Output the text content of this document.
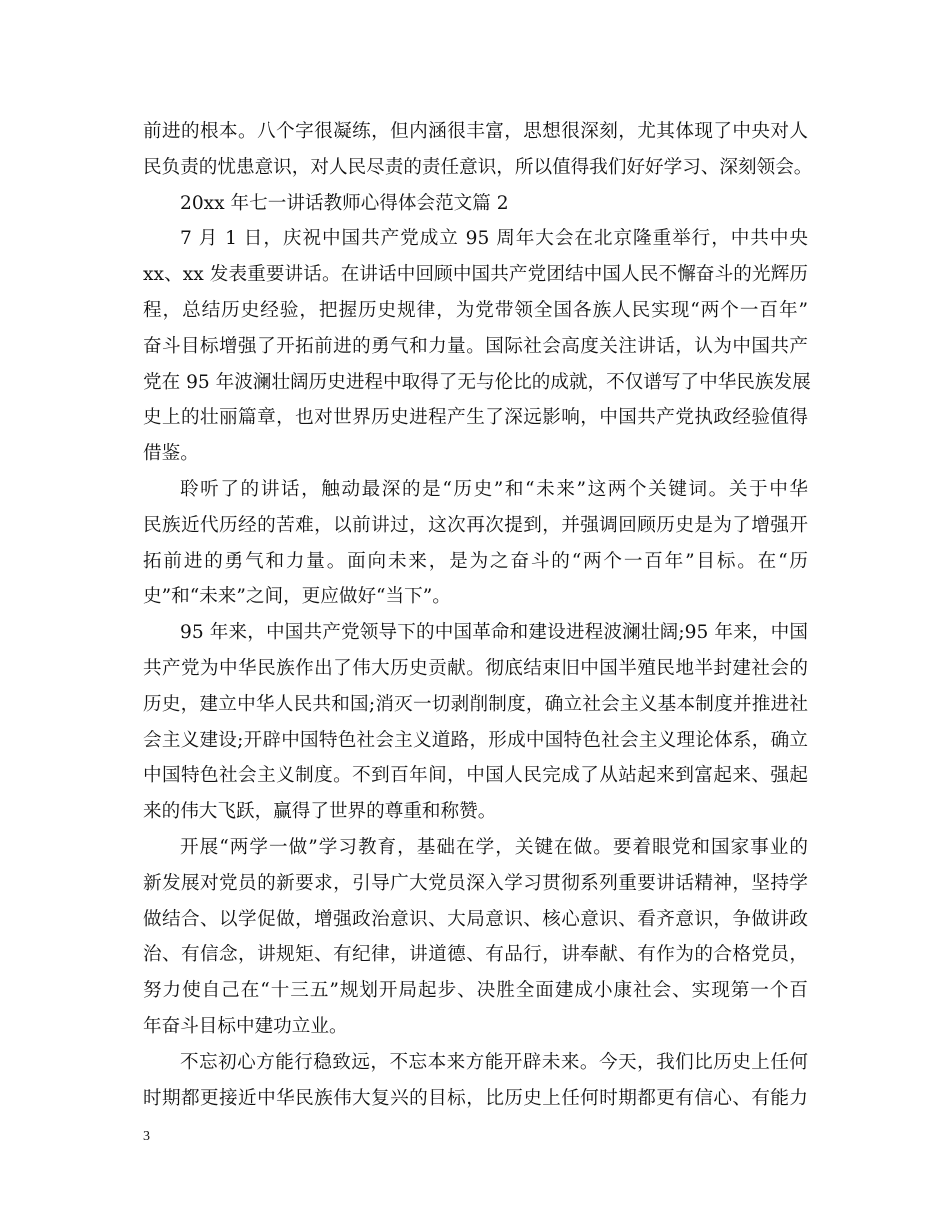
前进的根本。八个字很凝练，但内涵很丰富，思想很深刻，尤其体现了中央对人
民负责的忧患意识，对人民尽责的责任意识，所以值得我们好好学习、深刻领会。
20xx 年七一讲话教师心得体会范文篇 2
7 月 1 日，庆祝中国共产党成立 95 周年大会在北京隆重举行，中共中央
xx、xx 发表重要讲话。在讲话中回顾中国共产党团结中国人民不懈奋斗的光辉历
程，总结历史经验，把握历史规律，为党带领全国各族人民实现“两个一百年”
奋斗目标增强了开拓前进的勇气和力量。国际社会高度关注讲话，认为中国共产
党在 95 年波澜壮阔历史进程中取得了无与伦比的成就，不仅谱写了中华民族发展
史上的壮丽篇章，也对世界历史进程产生了深远影响，中国共产党执政经验值得
借鉴。
聆听了的讲话，触动最深的是“历史”和“未来”这两个关键词。关于中华
民族近代历经的苦难，以前讲过，这次再次提到，并强调回顾历史是为了增强开
拓前进的勇气和力量。面向未来，是为之奋斗的“两个一百年”目标。在“历
史”和“未来”之间，更应做好“当下”。
95 年来，中国共产党领导下的中国革命和建设进程波澜壮阔;95 年来，中国
共产党为中华民族作出了伟大历史贡献。彻底结束旧中国半殖民地半封建社会的
历史，建立中华人民共和国;消灭一切剥削制度，确立社会主义基本制度并推进社
会主义建设;开辟中国特色社会主义道路，形成中国特色社会主义理论体系，确立
中国特色社会主义制度。不到百年间，中国人民完成了从站起来到富起来、强起
来的伟大飞跃，赢得了世界的尊重和称赞。
开展“两学一做”学习教育，基础在学，关键在做。要着眼党和国家事业的
新发展对党员的新要求，引导广大党员深入学习贯彻系列重要讲话精神，坚持学
做结合、以学促做，增强政治意识、大局意识、核心意识、看齐意识，争做讲政
治、有信念，讲规矩、有纪律，讲道德、有品行，讲奉献、有作为的合格党员，
努力使自己在“十三五”规划开局起步、决胜全面建成小康社会、实现第一个百
年奋斗目标中建功立业。
不忘初心方能行稳致远，不忘本来方能开辟未来。今天，我们比历史上任何
时期都更接近中华民族伟大复兴的目标，比历史上任何时期都更有信心、有能力
3
